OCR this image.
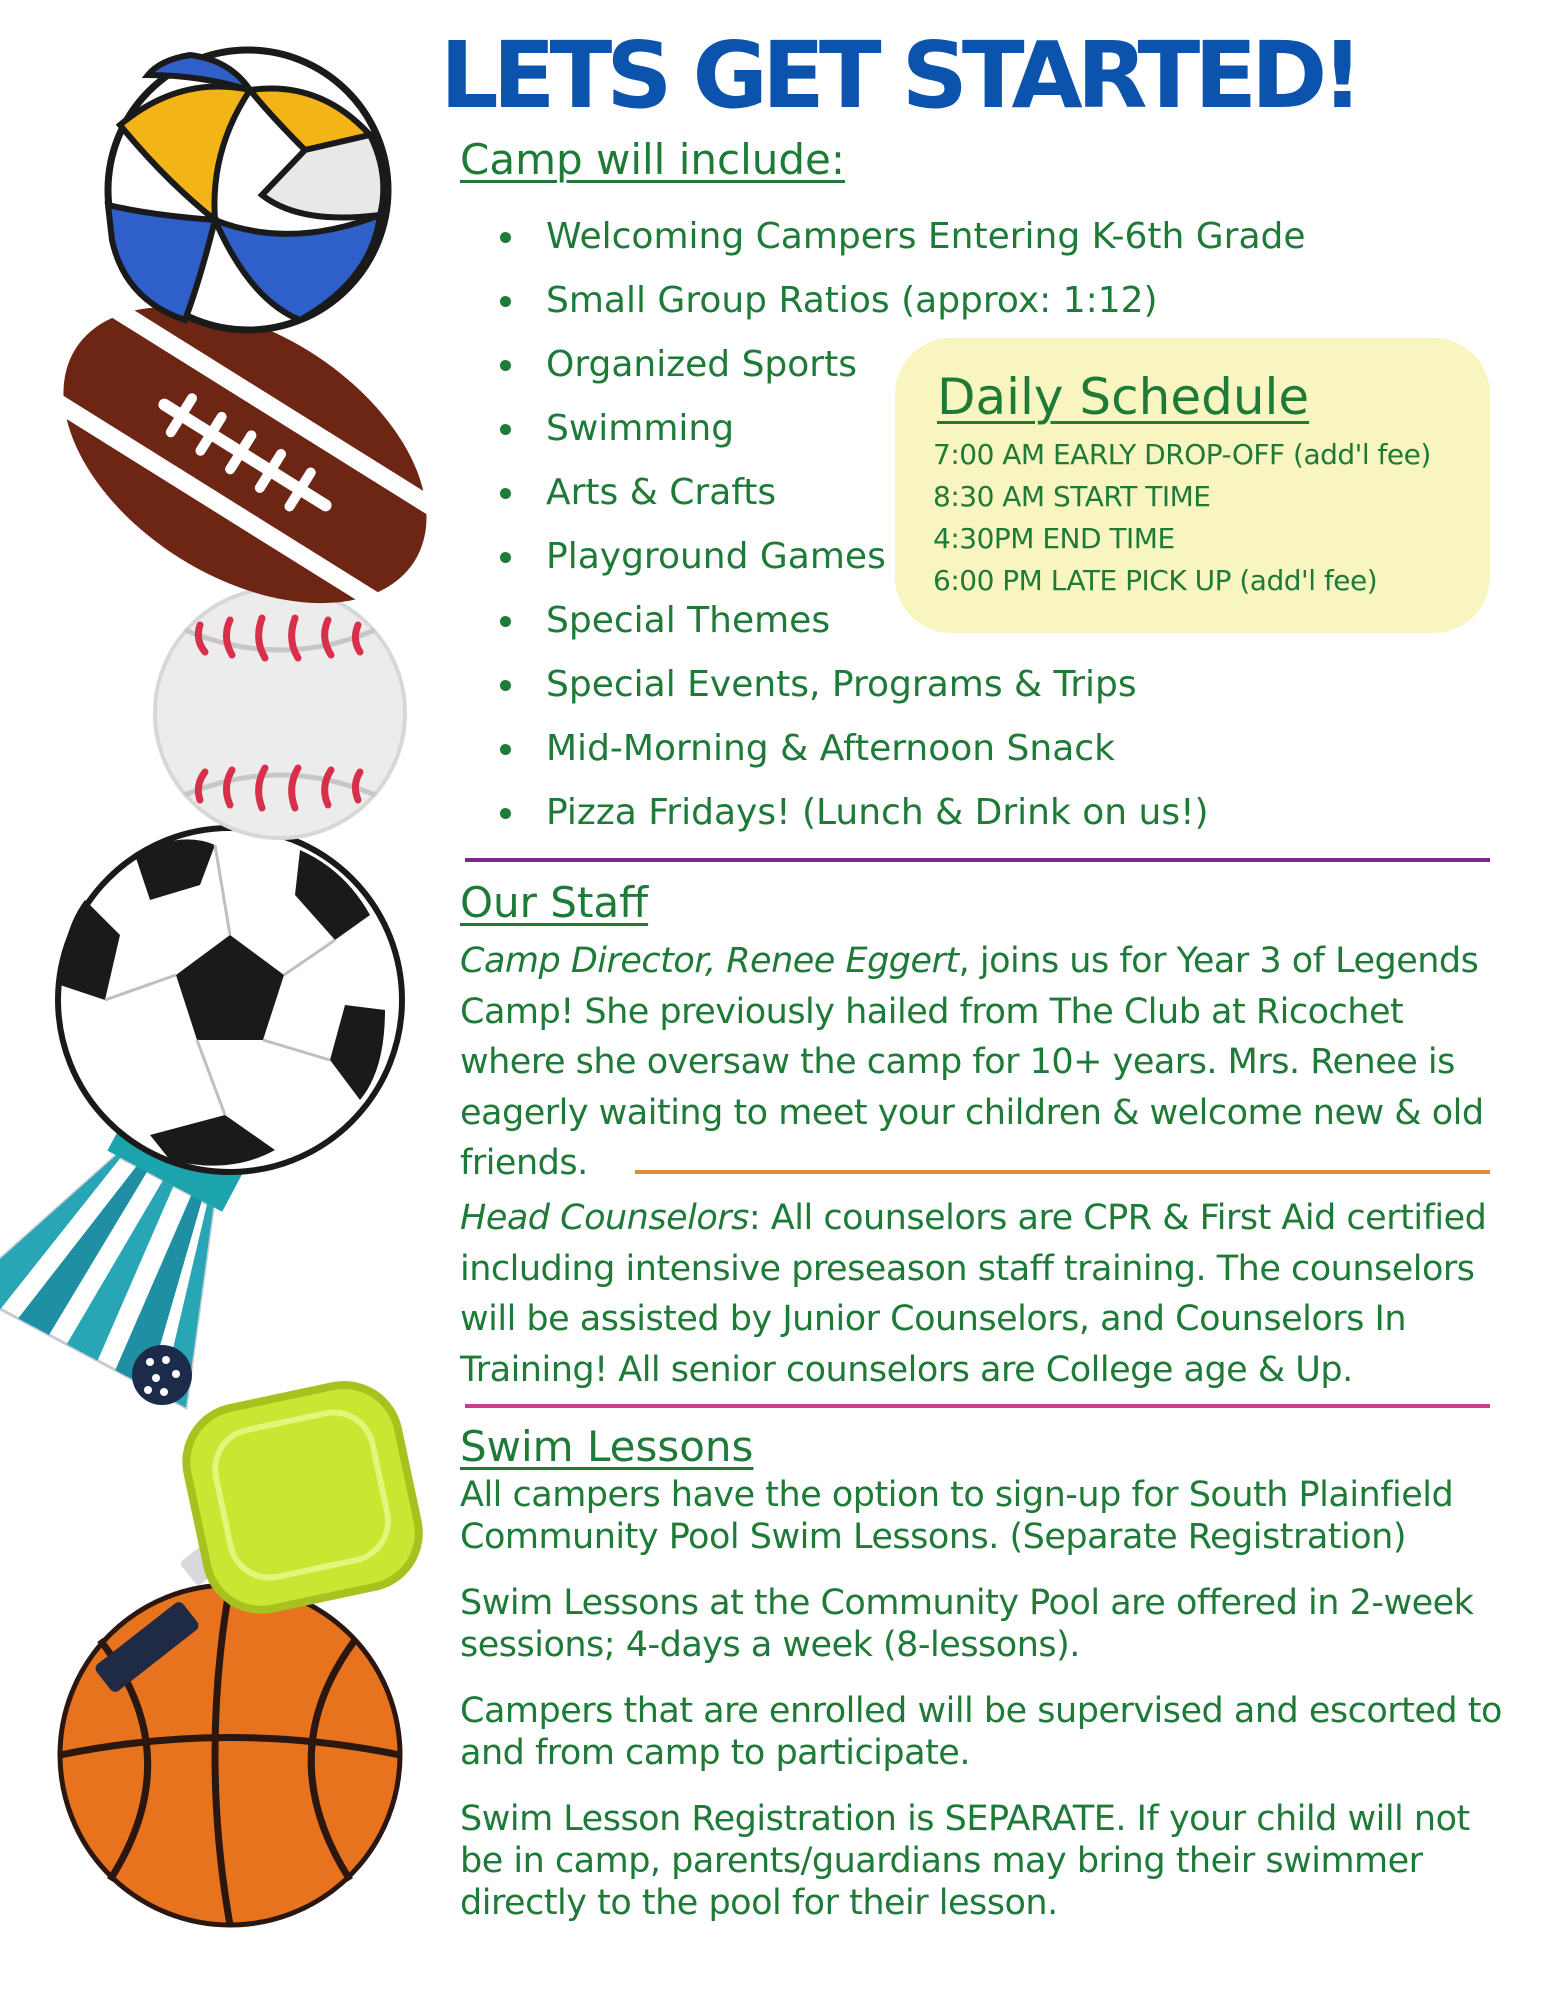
LETS GET STARTED!
Camp will include:
Welcoming Campers Entering K-6th Grade
Small Group Ratios (approx: 1:12)
Organized Sports
Swimming
Arts & Crafts
Playground Games
Special Themes
Special Events, Programs & Trips
Mid-Morning & Afternoon Snack
Pizza Fridays! (Lunch & Drink on us!)
Daily Schedule
7:00 AM EARLY DROP-OFF (add'l fee)
8:30 AM START TIME
4:30PM END TIME
6:00 PM LATE PICK UP (add'l fee)
Our Staff

Camp Director, Renee Eggert, joins us for Year 3 of Legends Camp! She previously hailed from The Club at Ricochet where she oversaw the camp for 10+ years. Mrs. Renee is eagerly waiting to meet your children & welcome new & old friends.

Head Counselors: All counselors are CPR & First Aid certified including intensive preseason staff training. The counselors will be assisted by Junior Counselors, and Counselors In Training! All senior counselors are College age & Up.

Swim Lessons

All campers have the option to sign-up for South Plainfield Community Pool Swim Lessons. (Separate Registration)

Swim Lessons at the Community Pool are offered in 2-week sessions; 4-days a week (8-lessons).

Campers that are enrolled will be supervised and escorted to and from camp to participate.

Swim Lesson Registration is SEPARATE. If your child will not be in camp, parents/guardians may bring their swimmer directly to the pool for their lesson.
